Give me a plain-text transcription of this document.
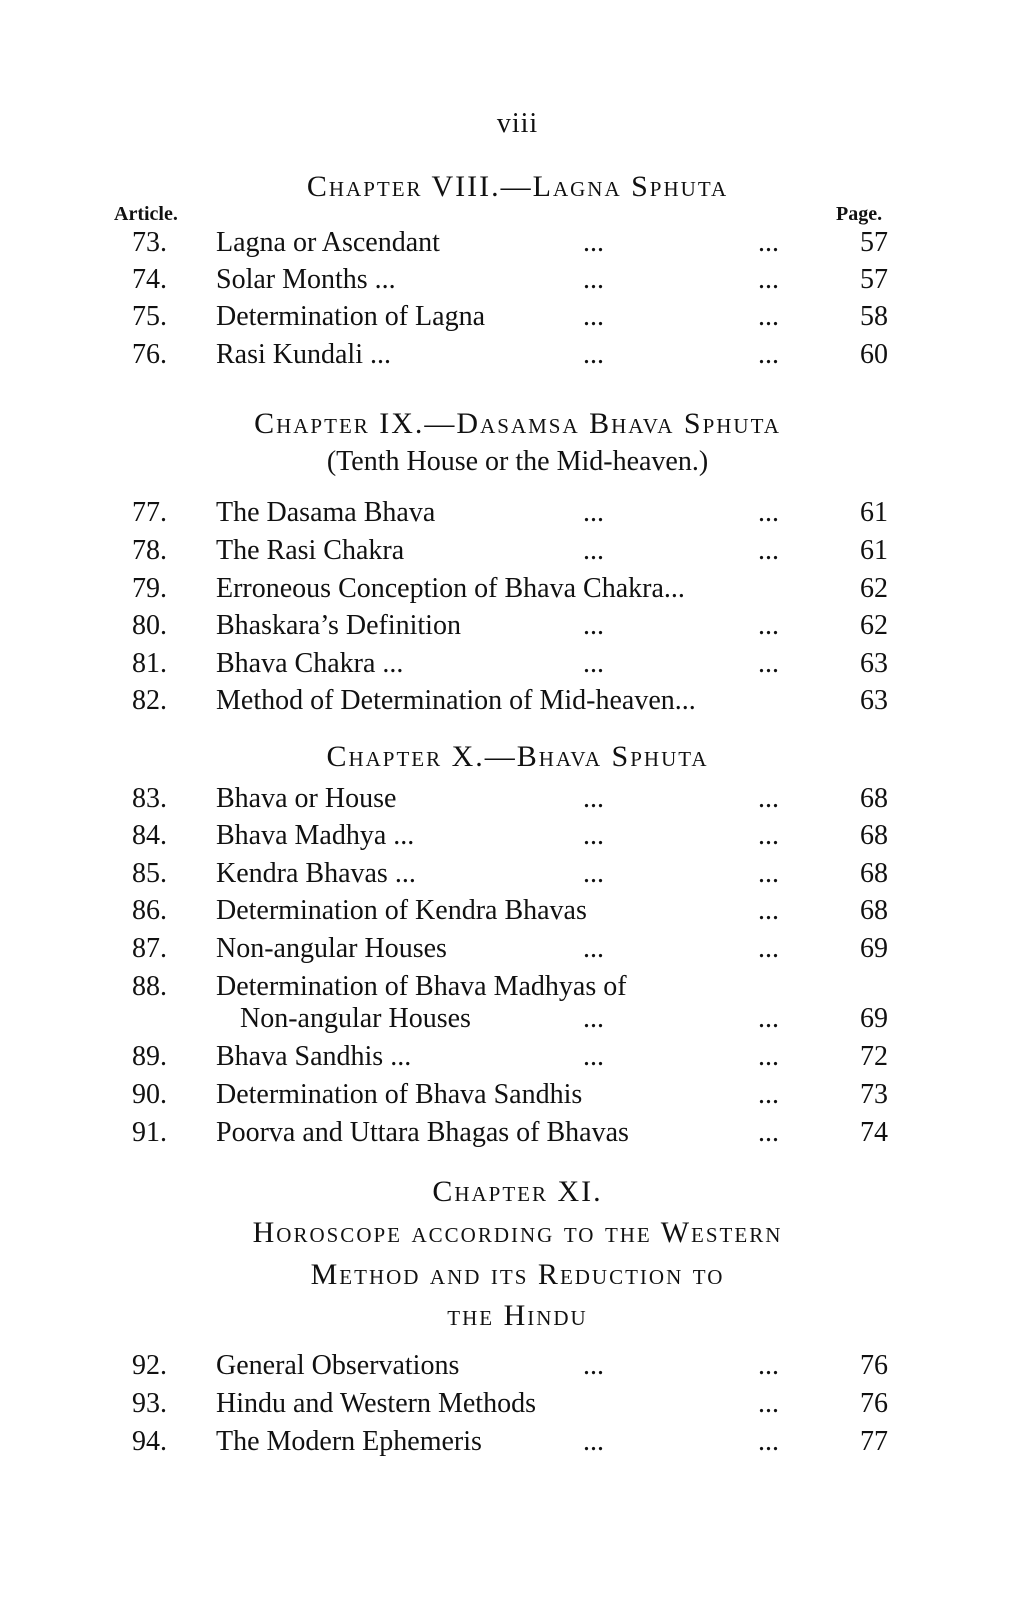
viii
Chapter VIII.—Lagna Sphuta
Article.	Page.
73.	Lagna or Ascendant	...	...	57
74.	Solar Months ...	...	...	57
75.	Determination of Lagna	...	...	58
76.	Rasi Kundali ...	...	...	60
Chapter IX.—Dasamsa Bhava Sphuta
(Tenth House or the Mid-heaven.)
77.	The Dasama Bhava	...	...	61
78.	The Rasi Chakra	...	...	61
79.	Erroneous Conception of Bhava Chakra...	62
80.	Bhaskara’s Definition	...	...	62
81.	Bhava Chakra ...	...	...	63
82.	Method of Determination of Mid-heaven...	63
Chapter X.—Bhava Sphuta
83.	Bhava or House	...	...	68
84.	Bhava Madhya ...	...	...	68
85.	Kendra Bhavas ...	...	...	68
86.	Determination of Kendra Bhavas	...	68
87.	Non-angular Houses	...	...	69
88.	Determination of Bhava Madhyas of
Non-angular Houses	...	...	69
89.	Bhava Sandhis ...	...	...	72
90.	Determination of Bhava Sandhis	...	73
91.	Poorva and Uttara Bhagas of Bhavas	...	74
Chapter XI.
Horoscope according to the Western
Method and its Reduction to
the Hindu
92.	General Observations	...	...	76
93.	Hindu and Western Methods	...	76
94.	The Modern Ephemeris	...	...	77
